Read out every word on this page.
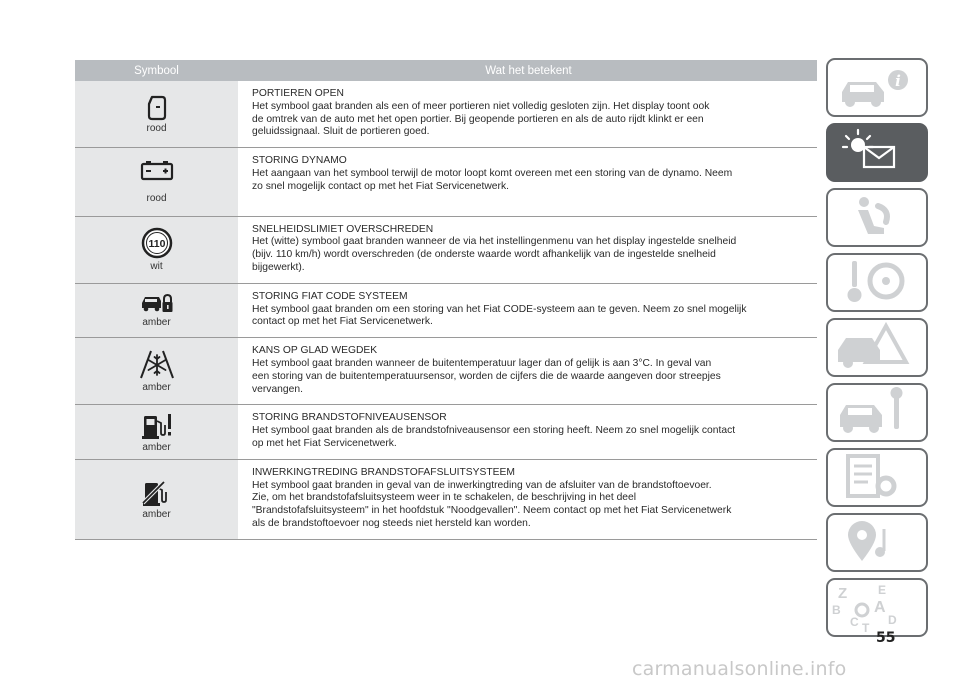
Symbool	Wat het betekent
rood
PORTIEREN OPEN
Het symbool gaat branden als een of meer portieren niet volledig gesloten zijn. Het display toont ook
de omtrek van de auto met het open portier. Bij geopende portieren en als de auto rijdt klinkt er een
geluidssignaal. Sluit de portieren goed.
rood
STORING DYNAMO
Het aangaan van het symbool terwijl de motor loopt komt overeen met een storing van de dynamo. Neem
zo snel mogelijk contact op met het Fiat Servicenetwerk.
110
wit
SNELHEIDSLIMIET OVERSCHREDEN
Het (witte) symbool gaat branden wanneer de via het instellingenmenu van het display ingestelde snelheid
(bijv. 110 km/h) wordt overschreden (de onderste waarde wordt afhankelijk van de ingestelde snelheid
bijgewerkt).
amber
STORING FIAT CODE SYSTEEM
Het symbool gaat branden om een storing van het Fiat CODE-systeem aan te geven. Neem zo snel mogelijk
contact op met het Fiat Servicenetwerk.
amber
KANS OP GLAD WEGDEK
Het symbool gaat branden wanneer de buitentemperatuur lager dan of gelijk is aan 3°C. In geval van
een storing van de buitentemperatuursensor, worden de cijfers die de waarde aangeven door streepjes
vervangen.
amber
STORING BRANDSTOFNIVEAUSENSOR
Het symbool gaat branden als de brandstofniveausensor een storing heeft. Neem zo snel mogelijk contact
op met het Fiat Servicenetwerk.
amber
INWERKINGTREDING BRANDSTOFAFSLUITSYSTEEM
Het symbool gaat branden in geval van de inwerkingtreding van de afsluiter van de brandstoftoevoer.
Zie, om het brandstofafsluitsysteem weer in te schakelen, de beschrijving in het deel
"Brandstofafsluitsysteem" in het hoofdstuk "Noodgevallen". Neem contact op met het Fiat Servicenetwerk
als de brandstoftoevoer nog steeds niet hersteld kan worden.
i
Z	E
B A
C T
D
55
carmanualsonline.info
